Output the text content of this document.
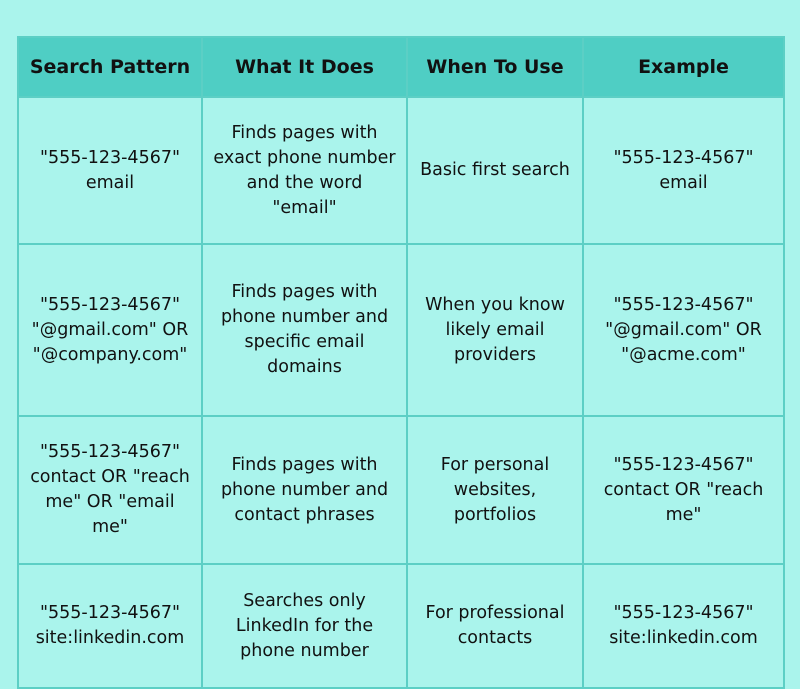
Search Pattern	What It Does	When To Use	Example

"555-123-4567" email	Finds pages with exact phone number and the word "email"	Basic first search	"555-123-4567" email

"555-123-4567" "@gmail.com" OR "@company.com"	Finds pages with phone number and specific email domains	When you know likely email providers	"555-123-4567" "@gmail.com" OR "@acme.com"

"555-123-4567" contact OR "reach me" OR "email me"	Finds pages with phone number and contact phrases	For personal websites, portfolios	"555-123-4567" contact OR "reach me"

"555-123-4567" site:linkedin.com	Searches only LinkedIn for the phone number	For professional contacts	"555-123-4567" site:linkedin.com
